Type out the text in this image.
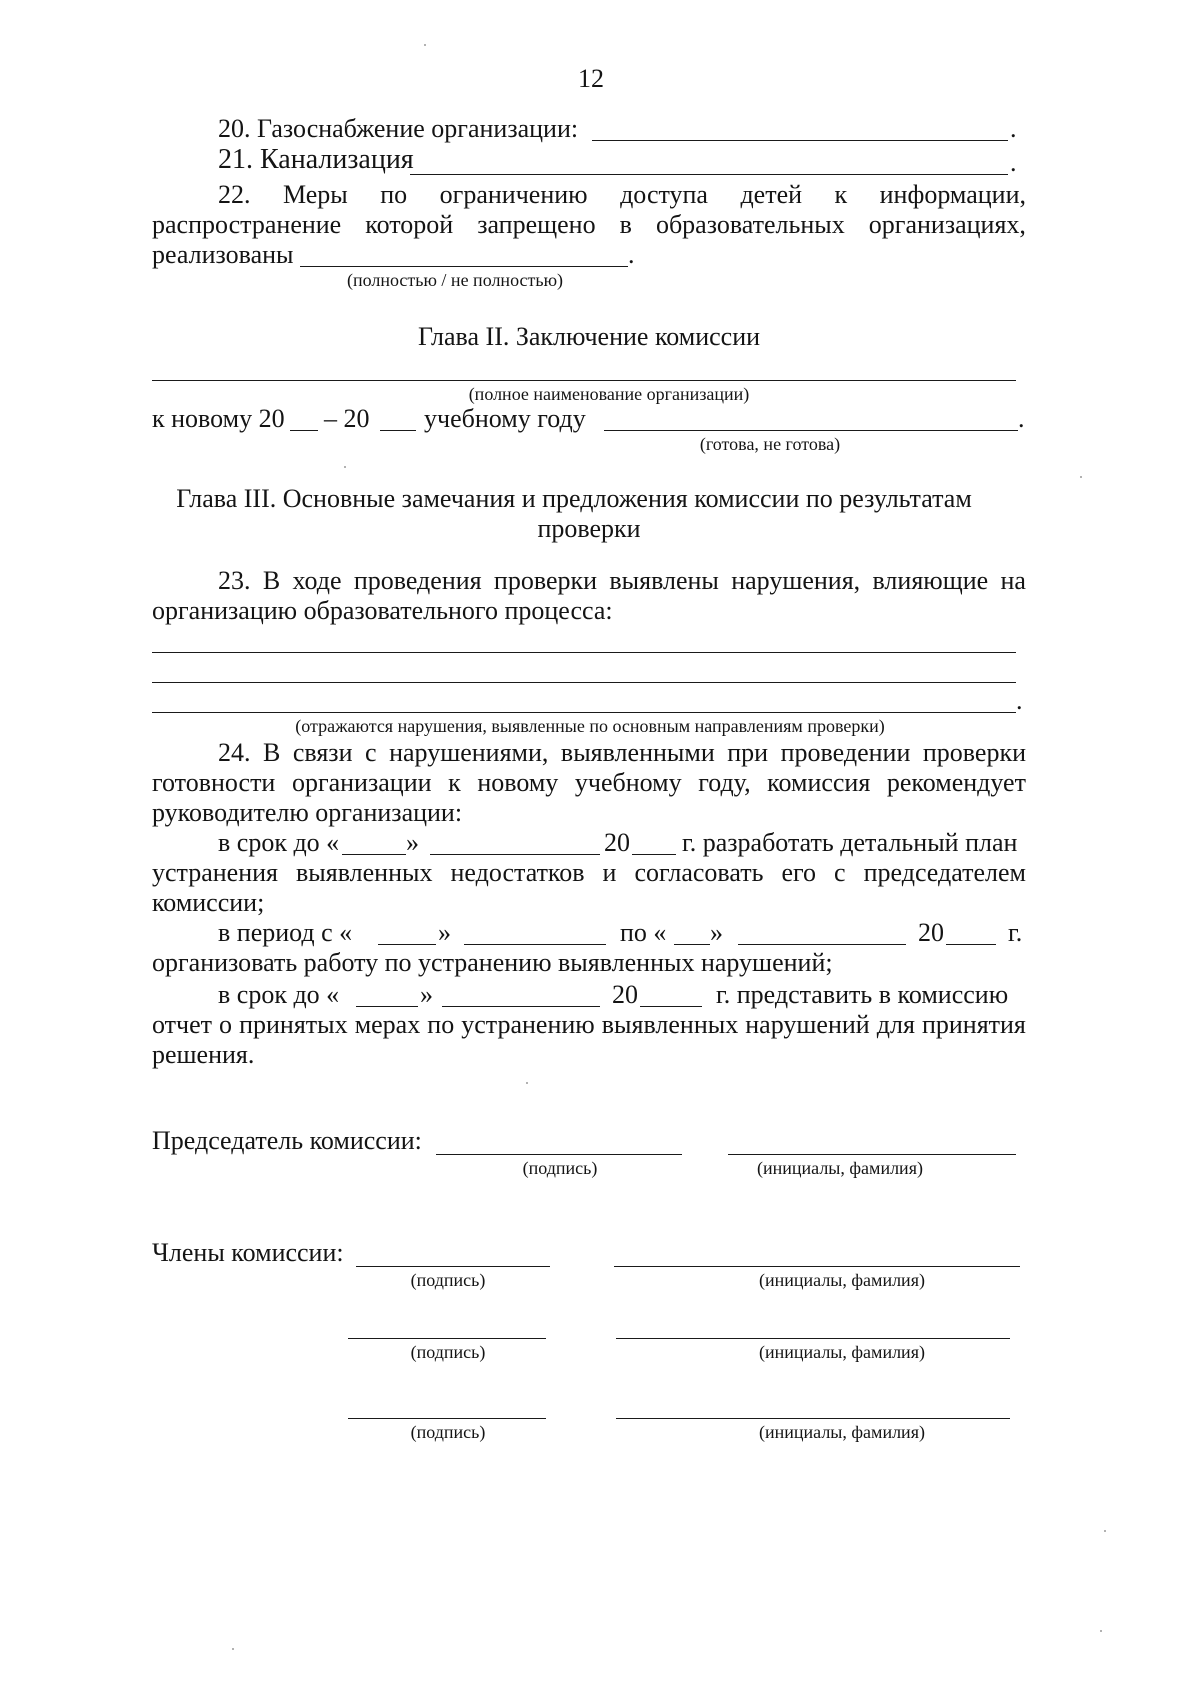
12
20. Газоснабжение организации:	.
21. Канализация	.
22. Меры по ограничению доступа детей к информации,
распространение которой запрещено в образовательных организациях,
реализованы	.
(полностью / не полностью)
Глава II. Заключение комиссии
(полное наименование организации)
к новому 20 – 20 учебному году	.
(готова, не готова)
Глава III. Основные замечания и предложения комиссии по результатам
проверки
23. В ходе проведения проверки выявлены нарушения, влияющие на
организацию образовательного процесса:
.
(отражаются нарушения, выявленные по основным направлениям проверки)
24. В связи с нарушениями, выявленными при проведении проверки
готовности организации к новому учебному году, комиссия рекомендует
руководителю организации:
в срок до «	»	20 г. разработать детальный план
устранения выявленных недостатков и согласовать его с председателем
комиссии;
в период с «	»	по « »	20 г.
организовать работу по устранению выявленных нарушений;
в срок до «	»	20	г. представить в комиссию
отчет о принятых мерах по устранению выявленных нарушений для принятия
решения.
Председатель комиссии:
(подпись)	(инициалы, фамилия)
Члены комиссии:
(подпись)	(инициалы, фамилия)
(подпись)	(инициалы, фамилия)
(подпись)	(инициалы, фамилия)
